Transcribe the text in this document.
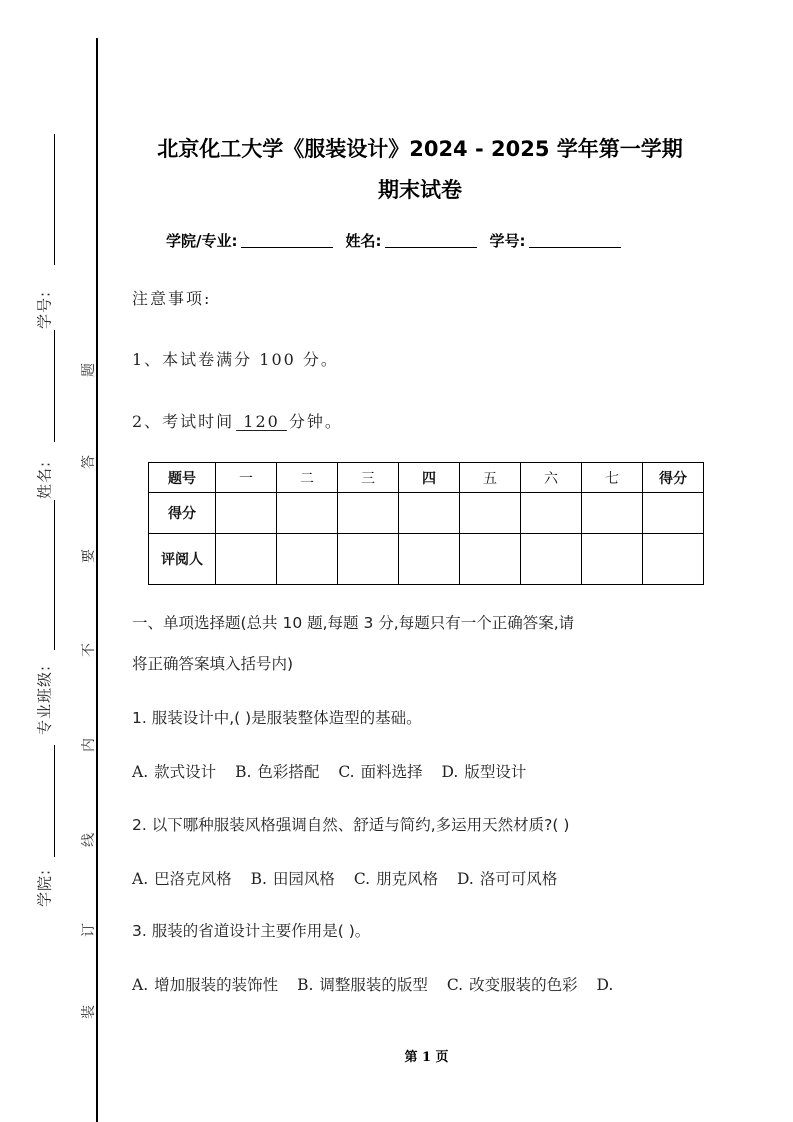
学号:
姓名:
专业班级:
学院:
题
答
要
不
内
线
订
装
北京化工大学《服装设计》2024 - 2025 学年第一学期
期末试卷
学院/专业:	姓名:	学号:
注意事项:
1、本试卷满分 100 分。
2、考试时间 120 分钟。
题号	一	二	三	四	五	六	七	得分
得分								
评阅人								
一、单项选择题(总共 10 题,每题 3 分,每题只有一个正确答案,请
将正确答案填入括号内)
1. 服装设计中,( )是服装整体造型的基础。
A. 款式设计 B. 色彩搭配 C. 面料选择 D. 版型设计
2. 以下哪种服装风格强调自然、舒适与简约,多运用天然材质?( )
A. 巴洛克风格 B. 田园风格 C. 朋克风格 D. 洛可可风格
3. 服装的省道设计主要作用是( )。
A. 增加服装的装饰性 B. 调整服装的版型 C. 改变服装的色彩 D.
第 1 页
